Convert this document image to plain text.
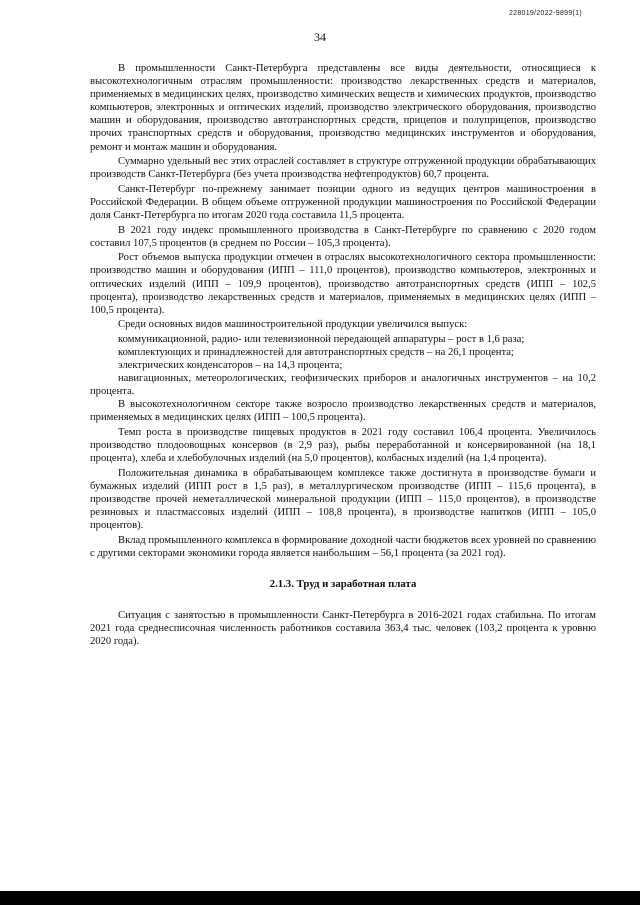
228019/2022-9899(1)
34

В промышленности Санкт-Петербурга представлены все виды деятельности, относящиеся к высокотехнологичным отраслям промышленности: производство лекарственных средств и материалов, применяемых в медицинских целях, производство химических веществ и химических продуктов, производство компьютеров, электронных и оптических изделий, производство электрического оборудования, производство машин и оборудования, производство автотранспортных средств, прицепов и полуприцепов, производство прочих транспортных средств и оборудования, производство медицинских инструментов и оборудования, ремонт и монтаж машин и оборудования.

Суммарно удельный вес этих отраслей составляет в структуре отгруженной продукции обрабатывающих производств Санкт-Петербурга (без учета производства нефтепродуктов) 60,7 процента.

Санкт-Петербург по-прежнему занимает позиции одного из ведущих центров машиностроения в Российской Федерации. В общем объеме отгруженной продукции машиностроения по Российской Федерации доля Санкт-Петербурга по итогам 2020 года составила 11,5 процента.

В 2021 году индекс промышленного производства в Санкт-Петербурге по сравнению с 2020 годом составил 107,5 процентов (в среднем по России – 105,3 процента).

Рост объемов выпуска продукции отмечен в отраслях высокотехнологичного сектора промышленности: производство машин и оборудования (ИПП – 111,0 процентов), производство компьютеров, электронных и оптических изделий (ИПП – 109,9 процентов), производство автотранспортных средств (ИПП – 102,5 процента), производство лекарственных средств и материалов, применяемых в медицинских целях (ИПП – 100,5 процента).

Среди основных видов машиностроительной продукции увеличился выпуск:

коммуникационной, радио- или телевизионной передающей аппаратуры – рост в 1,6 раза;
комплектующих и принадлежностей для автотранспортных средств – на 26,1 процента;
электрических конденсаторов – на 14,3 процента;
навигационных, метеорологических, геофизических приборов и аналогичных инструментов – на 10,2 процента.

В высокотехнологичном секторе также возросло производство лекарственных средств и материалов, применяемых в медицинских целях (ИПП – 100,5 процента).

Темп роста в производстве пищевых продуктов в 2021 году составил 106,4 процента. Увеличилось производство плодоовощных консервов (в 2,9 раз), рыбы переработанной и консервированной (на 18,1 процента), хлеба и хлебобулочных изделий (на 5,0 процентов), колбасных изделий (на 1,4 процента).

Положительная динамика в обрабатывающем комплексе также достигнута в производстве бумаги и бумажных изделий (ИПП рост в 1,5 раз), в металлургическом производстве (ИПП – 115,6 процента), в производстве прочей неметаллической минеральной продукции (ИПП – 115,0 процентов), в производстве резиновых и пластмассовых изделий (ИПП – 108,8 процента), в производстве напитков (ИПП – 105,0 процентов).

Вклад промышленного комплекса в формирование доходной части бюджетов всех уровней по сравнению с другими секторами экономики города является наибольшим – 56,1 процента (за 2021 год).

2.1.3. Труд и заработная плата

Ситуация с занятостью в промышленности Санкт-Петербурга в 2016-2021 годах стабильна. По итогам 2021 года среднесписочная численность работников составила 363,4 тыс. человек (103,2 процента к уровню 2020 года).
